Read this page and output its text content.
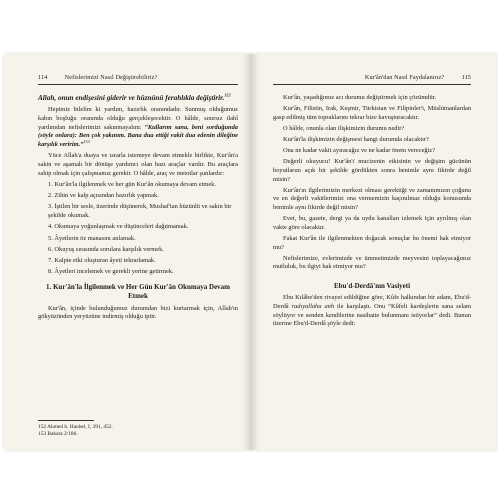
114	Nefislerimizi Nasıl Değiştirebiliriz?

Allah, onun endişesini giderir ve hüznünü ferahlıkla değiştirir.$^{152}$

Hepimiz bilelim ki yardım, hazırlık oranındadır. Sunmuş olduğumuz kabın boşluğu oranında olduğu gerçekleşecektir. O hâlde, sınırsız ilahî yardımdan nefislerimizi sakınmayalım: “Kullarım sana, beni sorduğunda (söyle onlara): Ben çok yakınım. Bana dua ettiği vakit dua edenin dileğine karşılık veririm.”$^{153}$

Yüce Allah'a duaya ve ısrarla istemeye devam etmekle birlikte, Kur'ân'a sakin ve aşamalı bir dönüşe yardımcı olan bazı araçlar vardır. Bu araçlara sahip olmak için çalışmamız gerekir. O hâlde, araç ve metotlar şunlardır:

1. Kur'ân'la ilgilenmek ve her gün Kur'ân okumaya devam etmek.
2. Zihin ve kalp açısından hazırlık yapmak.
3. İştilen bir sesle, üzerinde düşünerek, Mushaf'tan hüzünlü ve sakin bir şekilde okumak.
4. Okumaya yoğunlaşmak ve düşünceleri dağıtmamak.
5. Âyetlerin öz manasını anlamak.
6. Okuyuş sırasında sorulara karşılık vermek.
7. Kalpte etki oluşturan âyeti tekrarlamak.
8. Âyetleri incelemek ve gerekli yerine getirmek.
1. Kur'ân'la İlgilenmek ve Her Gün Kur'ân Okumaya Devam Etmek

Kur'ân, içinde bulunduğumuz durumdan bizi kurtarmak için, Allah'ın gökyüzünden yeryüzüne indirmiş olduğu iptir.

152 Ahmed b. Hanbel, I, 391, 452.
153 Bakara 2/186.
Kur'ân'dan Nasıl Faydalanırız?	115

Kur'ân, yaşadığımız acı durumu değiştirmek için çözümdür.

Kur'ân, Filistin, Irak, Keşmir, Türkistan ve Filipinler'i, Müslümanlardan gasp edilmiş tüm topraklarını tekrar bize kavuşturacaktır.

O hâlde, onunla olan ilişkimizin durumu nedir?

Kur'ân'la ilişkimizin değişmesi hangi durumda olacaktır?

Ona ne kadar vakit ayıracağız ve ne kadar önem vereceğiz?

Değerli okuyucu! Kur'ân'ı̇ mucizenin etkisinin ve değişim gücünün boyutlarını açık bir şekilde gördükten sonra benimle aynı fikirde değil misin?

Kur'ân'ın ilgilerimizin merkezi olması gerektiği ve zamanımızın çoğunu ve en değerli vakitlerimizi ona vermemizin kaçınılmaz olduğu konusunda benimle aynı fikirde değil misin?

Evet, bu, gazete, dergi ya da uydu kanalları izlemek için ayrılmış olan vakte göre olacaktır.

Fakat Kur'ân ile ilgilenmekten doğacak sonuçlar bu önemi hak etmiyor mu?

Nefislerimize, evlerimizde ve ümmetimizde meyvesini toplayacağımız mutluluk, bu ilgiyi hak etmiyor mu?

Ebu'd-Derdâ'nın Vasiyeti

Ebu Kılâbe'den rivayet edildiğine göre, Kûfe halkından bir adam, Ebu'd-Derdâ radıyallahu anh ile karşılaştı. Onu “Kûfeli kardeşlerin sana selam söylüyor ve senden kendilerine nasihatte bulunmanı istiyorlar” dedi. Bunun üzerine Ebu'd-Derdâ şöyle dedi:
